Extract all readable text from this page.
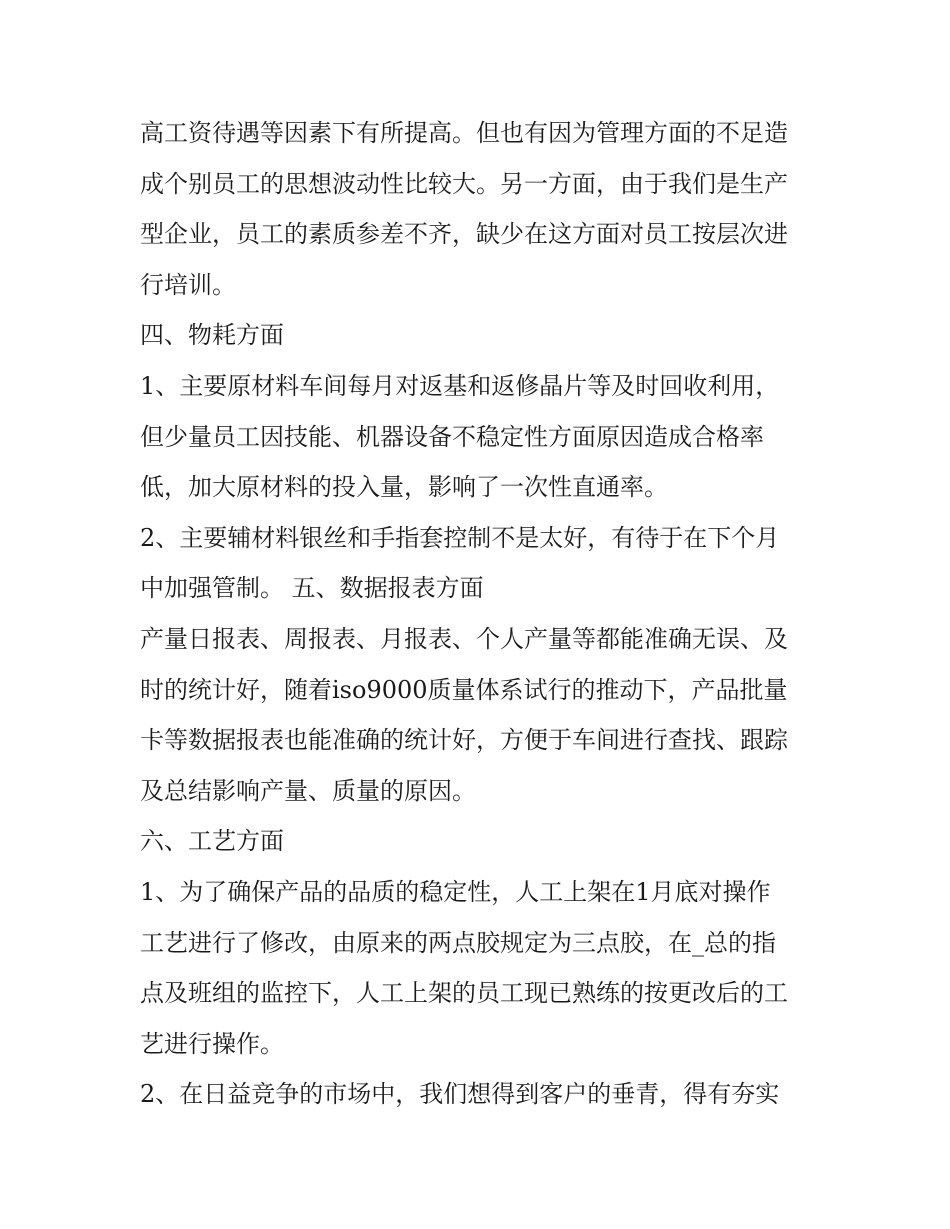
高工资待遇等因素下有所提高。但也有因为管理方面的不足造
成个别员工的思想波动性比较大。另一方面，由于我们是生产
型企业，员工的素质参差不齐，缺少在这方面对员工按层次进
行培训。
四、物耗方面
1、主要原材料车间每月对返基和返修晶片等及时回收利用，
但少量员工因技能、机器设备不稳定性方面原因造成合格率
低，加大原材料的投入量，影响了一次性直通率。
2、主要辅材料银丝和手指套控制不是太好，有待于在下个月
中加强管制。 五、数据报表方面
产量日报表、周报表、月报表、个人产量等都能准确无误、及
时的统计好，随着iso9000质量体系试行的推动下，产品批量
卡等数据报表也能准确的统计好，方便于车间进行查找、跟踪
及总结影响产量、质量的原因。
六、工艺方面
1、为了确保产品的品质的稳定性，人工上架在1月底对操作
工艺进行了修改，由原来的两点胶规定为三点胶，在_总的指
点及班组的监控下，人工上架的员工现已熟练的按更改后的工
艺进行操作。
2、在日益竞争的市场中，我们想得到客户的垂青，得有夯实
